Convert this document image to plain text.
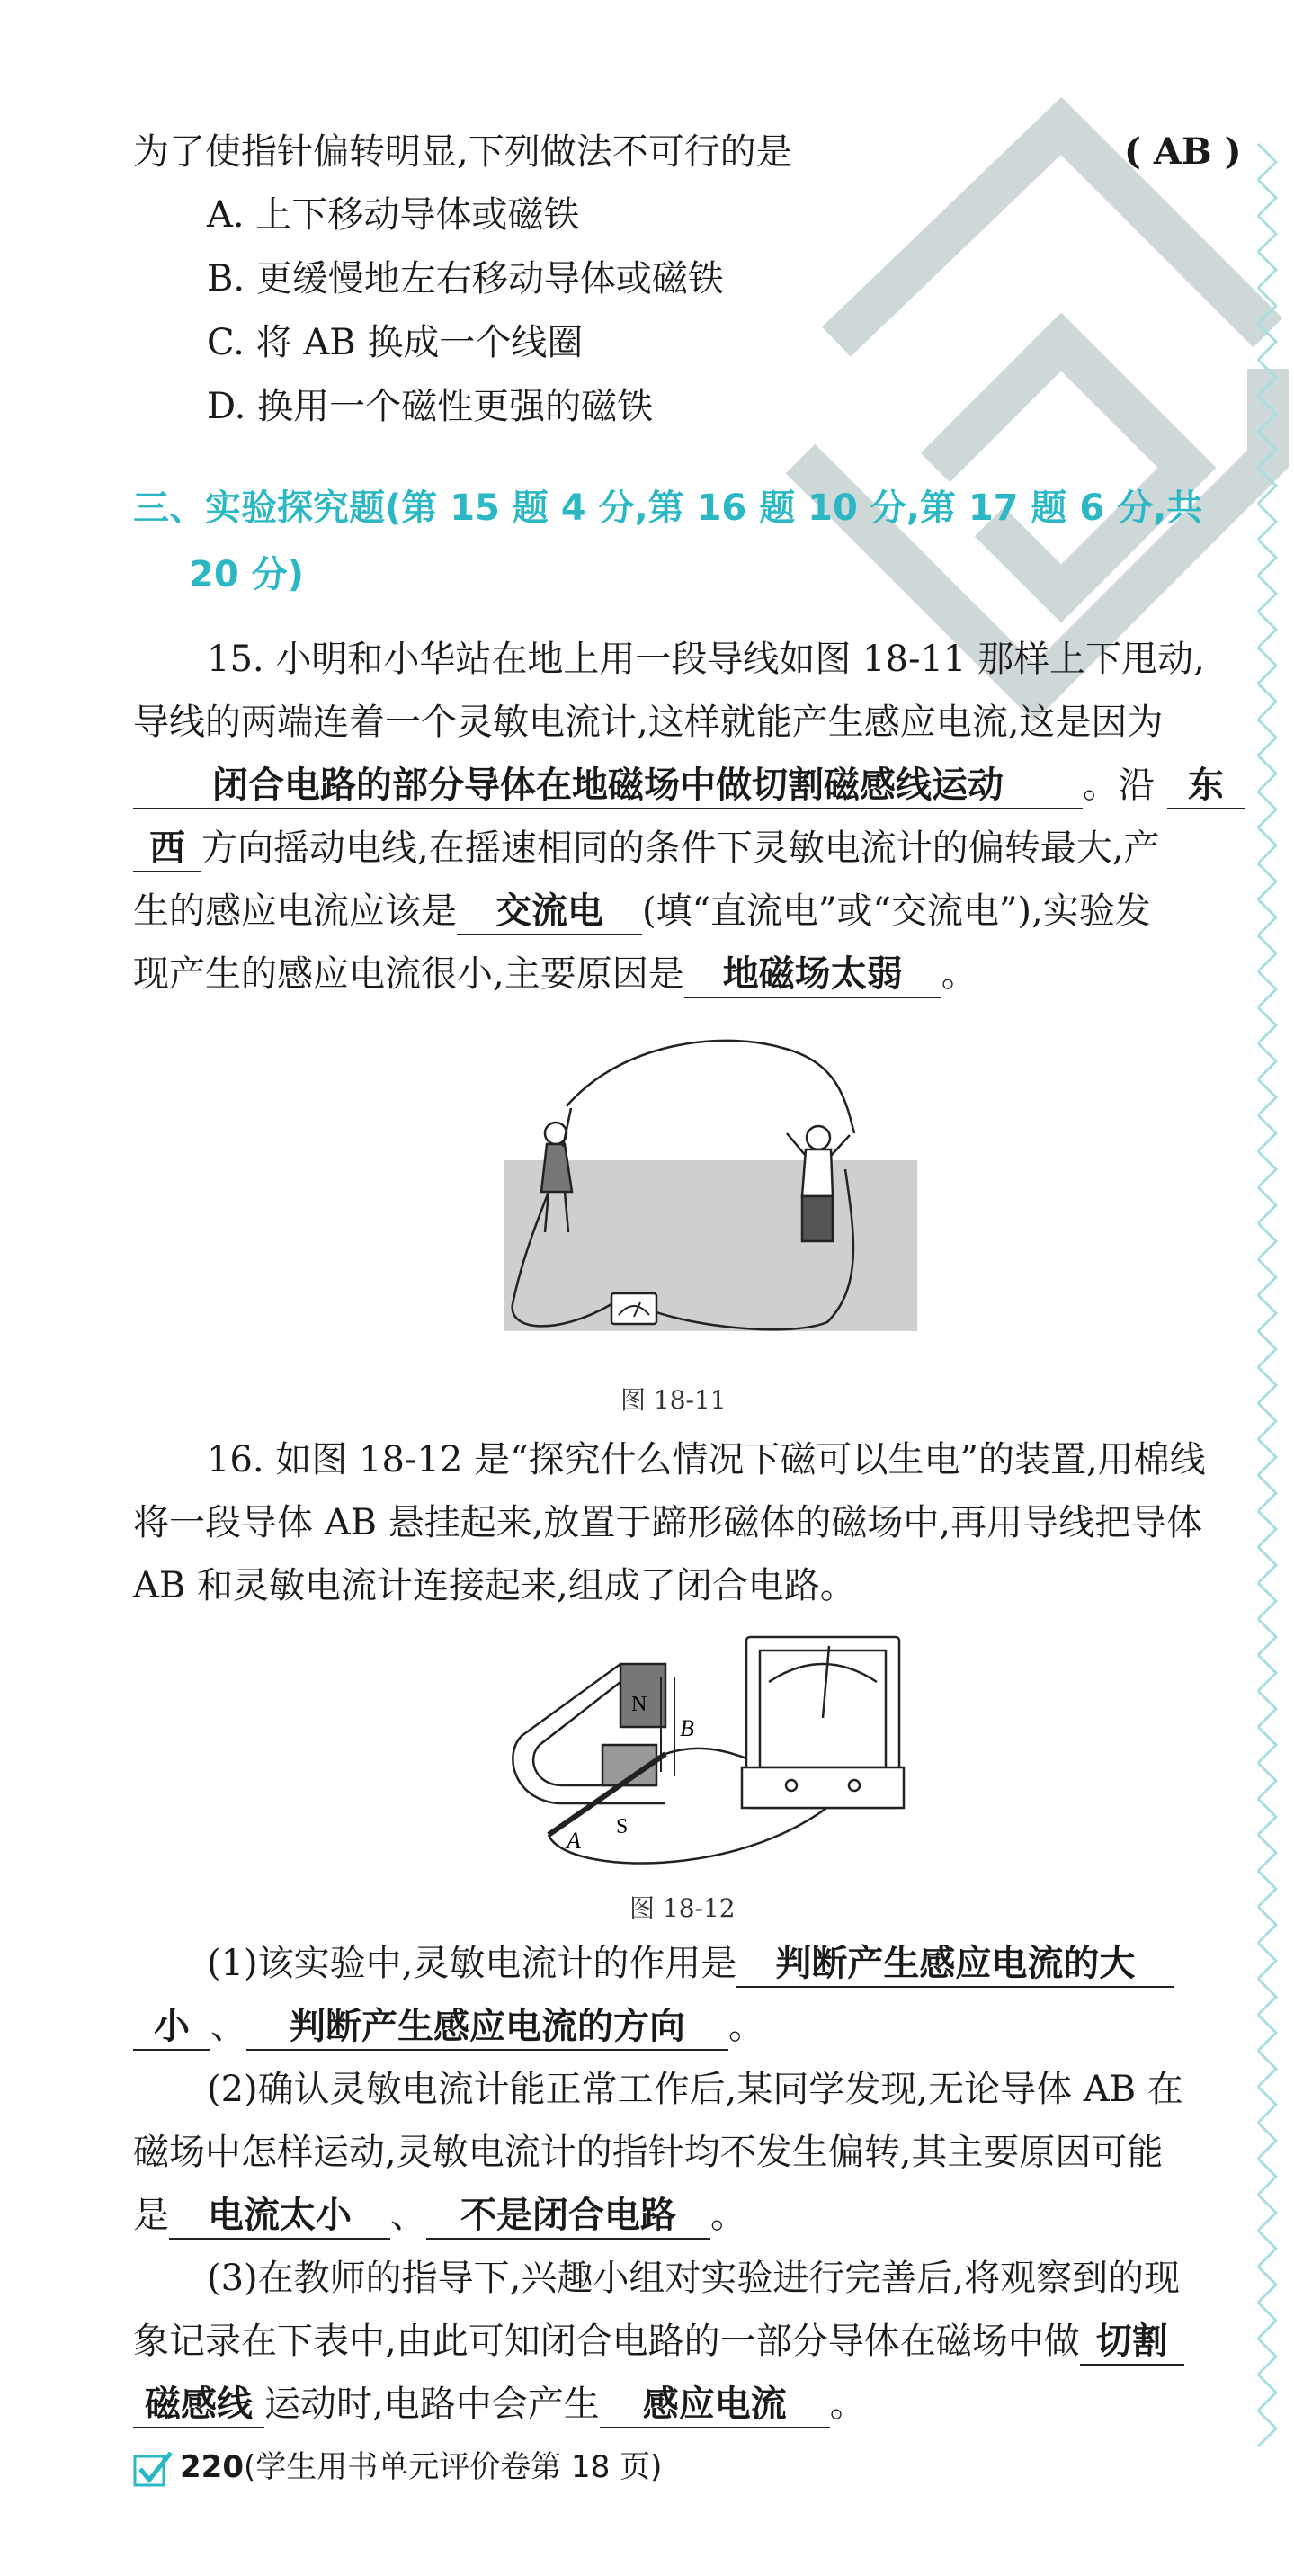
为了使指针偏转明显,下列做法不可行的是	( AB )
A. 上下移动导体或磁铁
B. 更缓慢地左右移动导体或磁铁
C. 将 AB 换成一个线圈
D. 换用一个磁性更强的磁铁
三、实验探究题(第 15 题 4 分,第 16 题 10 分,第 17 题 6 分,共
20 分)
15. 小明和小华站在地上用一段导线如图 18-11 那样上下甩动,
导线的两端连着一个灵敏电流计,这样就能产生感应电流,这是因为
闭合电路的部分导体在地磁场中做切割磁感线运动 。沿 东
西 方向摇动电线,在摇速相同的条件下灵敏电流计的偏转最大,产
生的感应电流应该是 交流电 (填“直流电”或“交流电”),实验发
现产生的感应电流很小,主要原因是 地磁场太弱 。
图 18-11
16. 如图 18-12 是“探究什么情况下磁可以生电”的装置,用棉线
将一段导体 AB 悬挂起来,放置于蹄形磁体的磁场中,再用导线把导体
AB 和灵敏电流计连接起来,组成了闭合电路。
A
B
N
S
图 18-12
(1)该实验中,灵敏电流计的作用是 判断产生感应电流的大
小 、 判断产生感应电流的方向 。
(2)确认灵敏电流计能正常工作后,某同学发现,无论导体 AB 在
磁场中怎样运动,灵敏电流计的指针均不发生偏转,其主要原因可能
是 电流太小 、 不是闭合电路 。
(3)在教师的指导下,兴趣小组对实验进行完善后,将观察到的现
象记录在下表中,由此可知闭合电路的一部分导体在磁场中做 切割
磁感线 运动时,电路中会产生 感应电流 。
220(学生用书单元评价卷第 18 页)
